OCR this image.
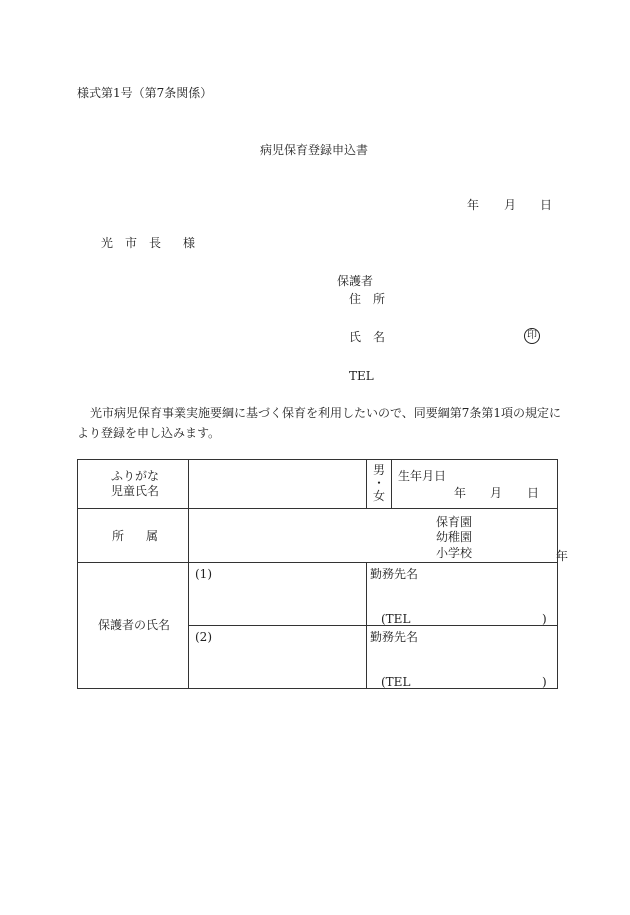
様式第1号（第7条関係）
病児保育登録申込書
年 月 日
光 市 長 様
保護者
住 所
氏 名	印
TEL
光市病児保育事業実施要綱に基づく保育を利用したいので、同要綱第7条第1項の規定に
より登録を申し込みます。
ふりがな
児童氏名		男
・
女	生年月日
年 月 日

所 属	保育園
幼稚園
小学校 年		

保護者の氏名	(1)	勤務先名
(TEL )	

	(2)	勤務先名
(TEL )	
